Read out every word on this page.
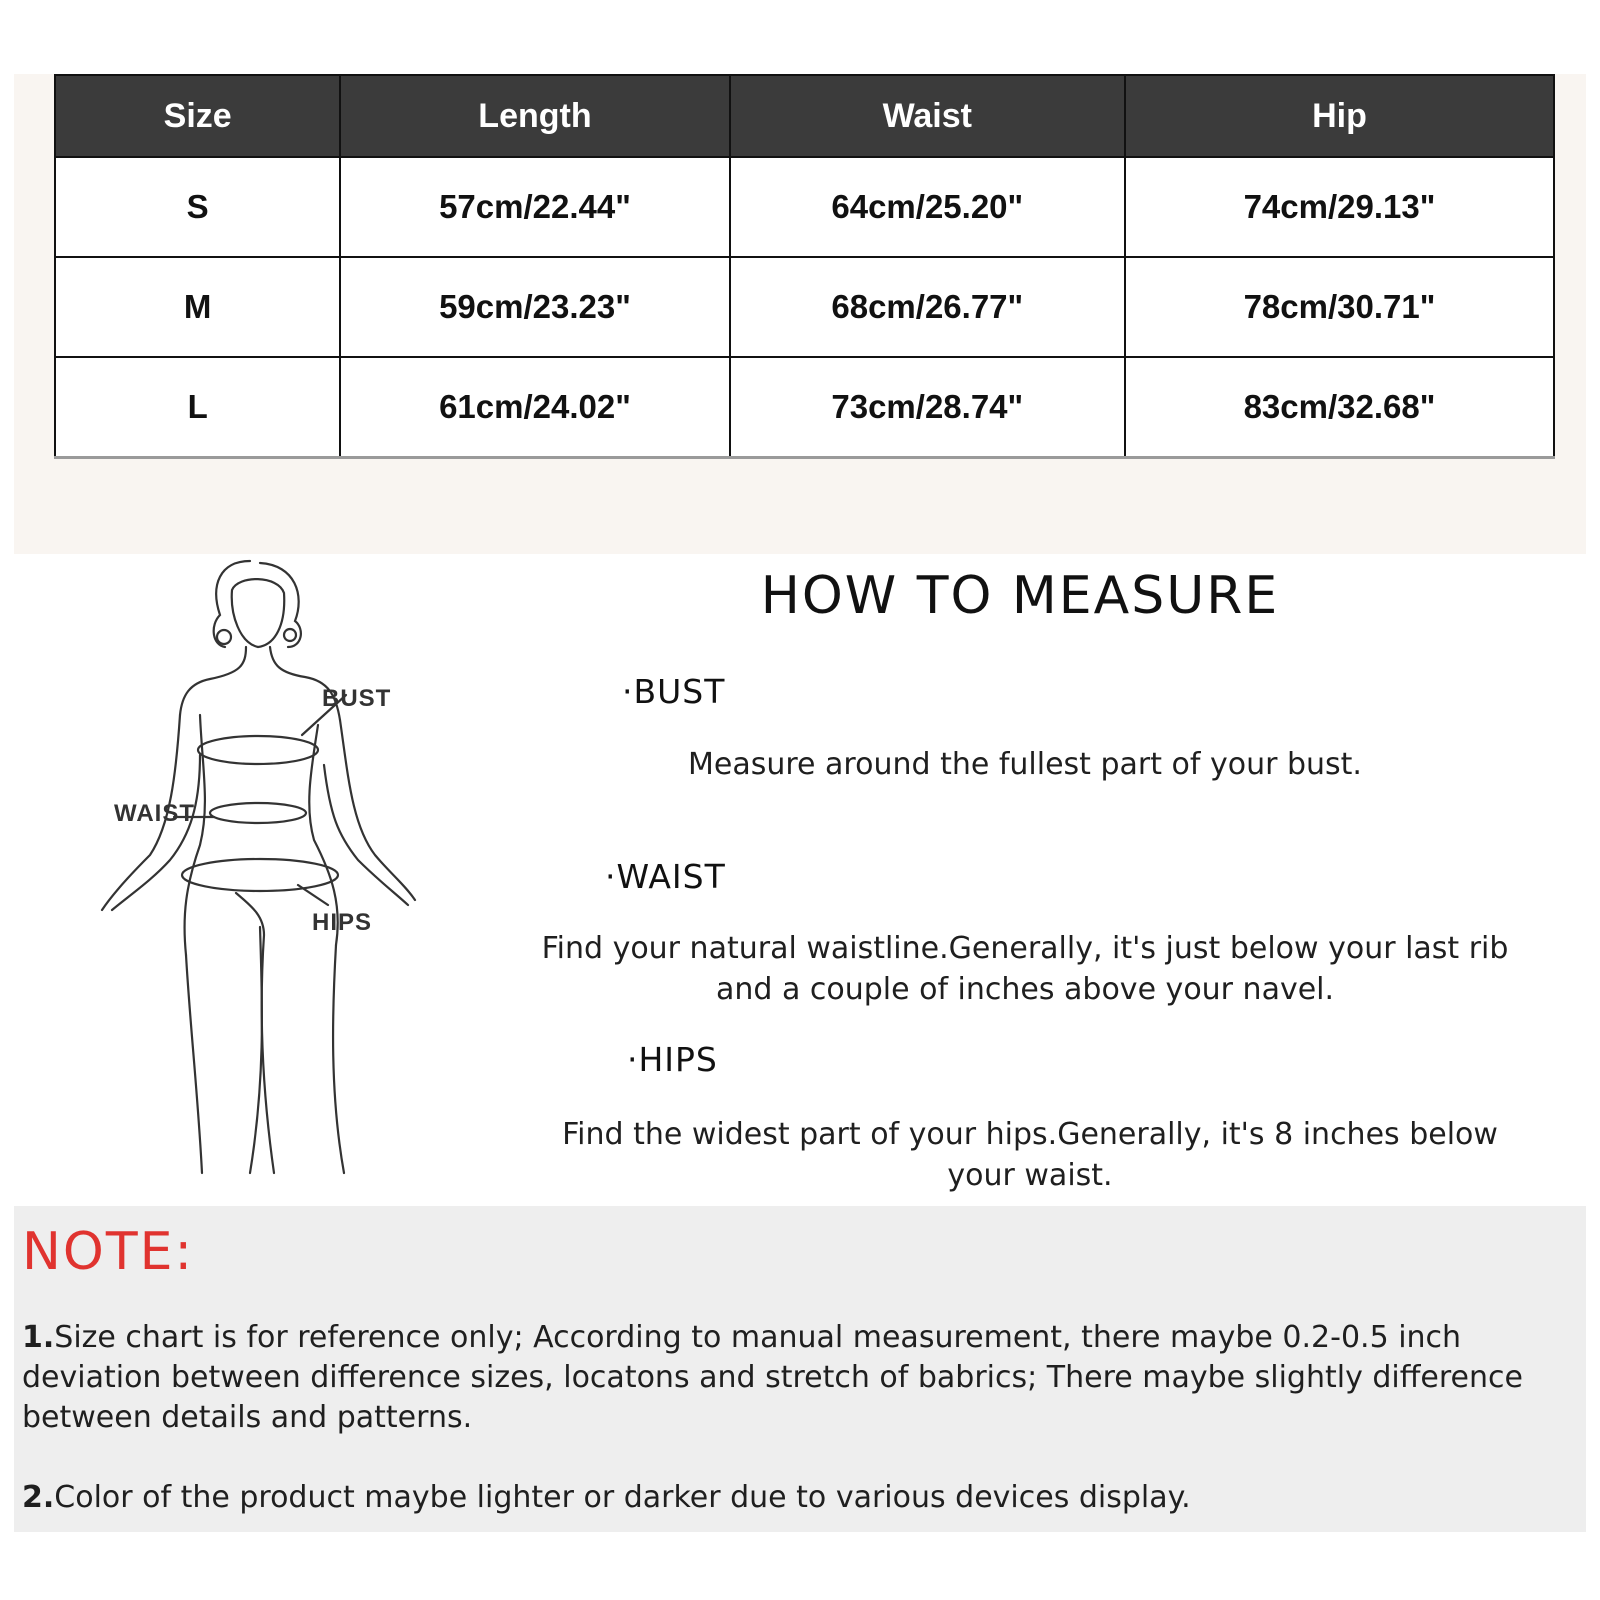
Size	Length	Waist	Hip
S	57cm/22.44"	64cm/25.20"	74cm/29.13"
M	59cm/23.23"	68cm/26.77"	78cm/30.71"
L	61cm/24.02"	73cm/28.74"	83cm/32.68"
BUST
WAIST
HIPS
HOW TO MEASURE
·BUST
Measure around the fullest part of your bust.
·WAIST
Find your natural waistline.Generally, it's just below your last rib
and a couple of inches above your navel.
·HIPS
Find the widest part of your hips.Generally, it's 8 inches below
your waist.
NOTE:
1.Size chart is for reference only; According to manual measurement, there maybe 0.2-0.5 inch
deviation between difference sizes, locatons and stretch of babrics; There maybe slightly difference
between details and patterns.
2.Color of the product maybe lighter or darker due to various devices display.
